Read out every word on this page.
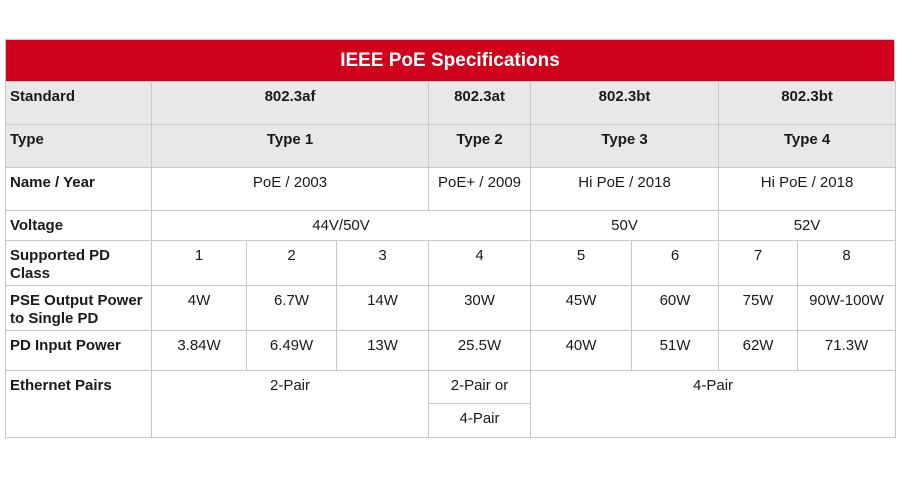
IEEE PoE Specifications
Standard	802.3af			802.3at	802.3bt		802.3bt	
Type	Type 1			Type 2	Type 3		Type 4	
Name / Year	PoE / 2003			PoE+ / 2009	Hi PoE / 2018		Hi PoE / 2018	
Voltage	44V/50V				50V		52V	
Supported PD Class	1	2	3	4	5	6	7	8
PSE Output Power to Single PD	4W	6.7W	14W	30W	45W	60W	75W	90W-100W
PD Input Power	3.84W	6.49W	13W	25.5W	40W	51W	62W	71.3W
Ethernet Pairs	2-Pair			2-Pair or	4-Pair			
				4-Pair				
